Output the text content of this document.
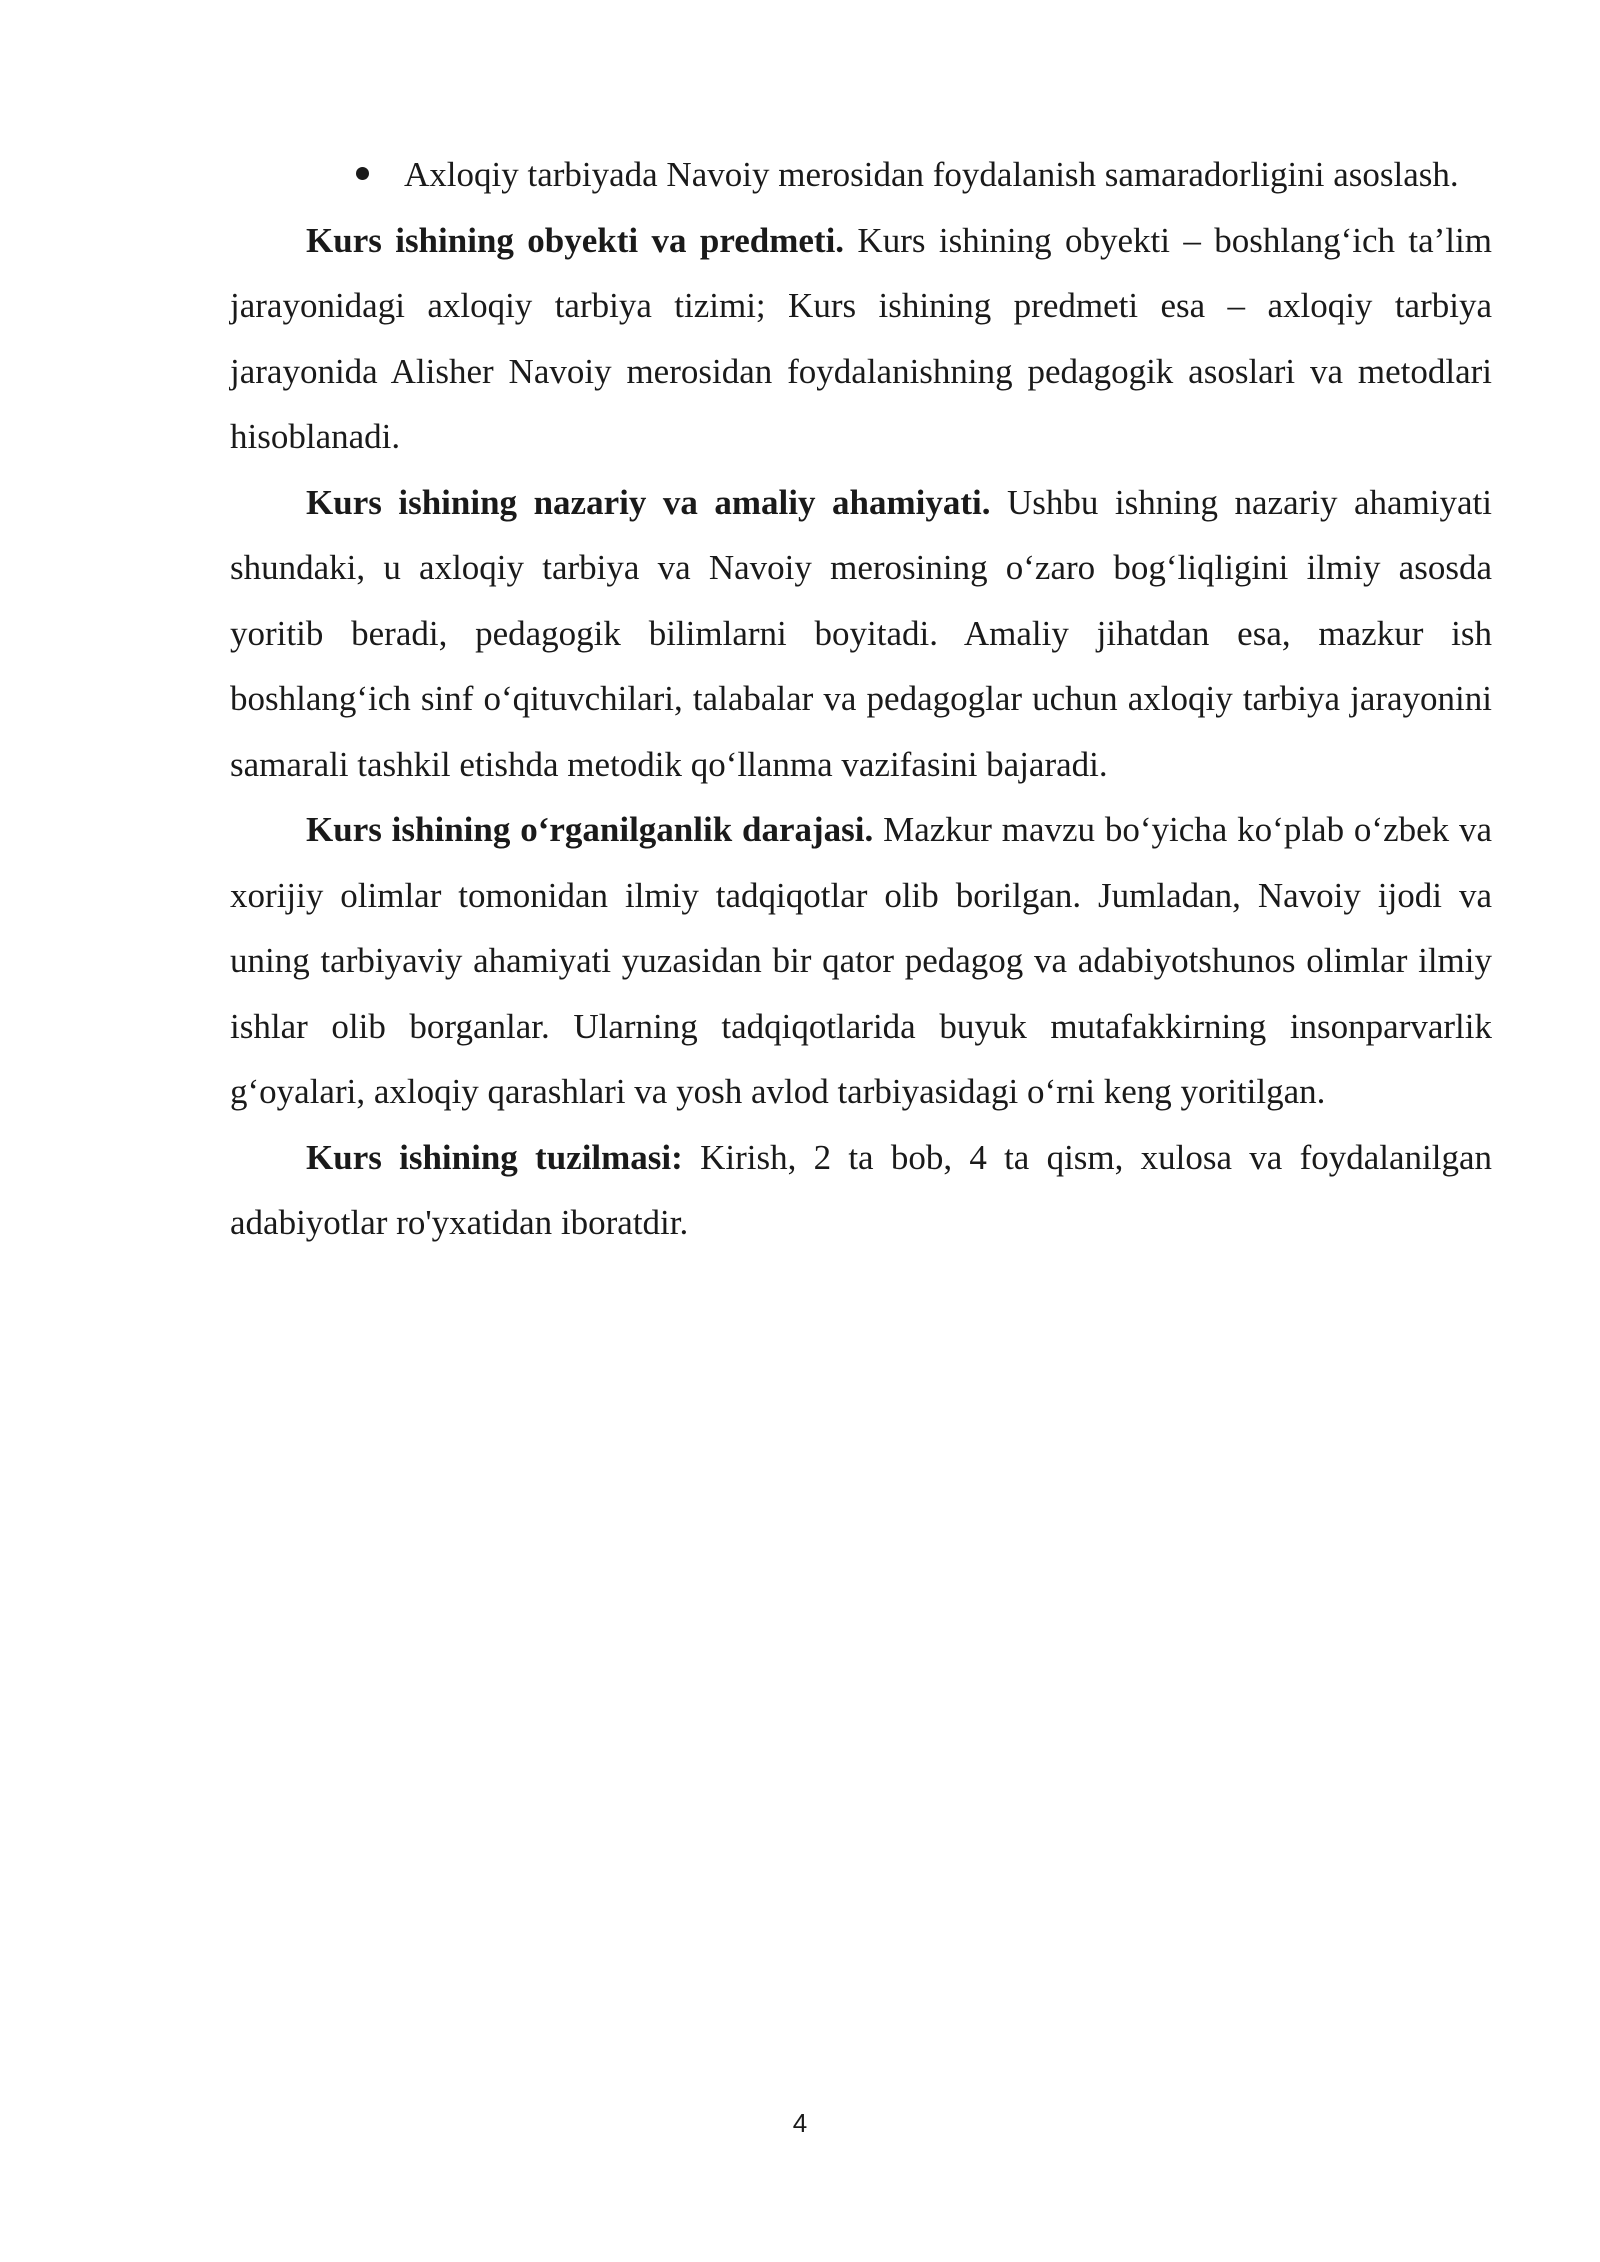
Axloqiy tarbiyada Navoiy merosidan foydalanish samaradorligini asoslash.

Kurs ishining obyekti va predmeti. Kurs ishining obyekti – boshlang‘ich ta’lim jarayonidagi axloqiy tarbiya tizimi; Kurs ishining predmeti esa – axloqiy tarbiya jarayonida Alisher Navoiy merosidan foydalanishning pedagogik asoslari va metodlari hisoblanadi.

Kurs ishining nazariy va amaliy ahamiyati. Ushbu ishning nazariy ahamiyati shundaki, u axloqiy tarbiya va Navoiy merosining o‘zaro bog‘liqligini ilmiy asosda yoritib beradi, pedagogik bilimlarni boyitadi. Amaliy jihatdan esa, mazkur ish boshlang‘ich sinf o‘qituvchilari, talabalar va pedagoglar uchun axloqiy tarbiya jarayonini samarali tashkil etishda metodik qo‘llanma vazifasini bajaradi.

Kurs ishining o‘rganilganlik darajasi. Mazkur mavzu bo‘yicha ko‘plab o‘zbek va xorijiy olimlar tomonidan ilmiy tadqiqotlar olib borilgan. Jumladan, Navoiy ijodi va uning tarbiyaviy ahamiyati yuzasidan bir qator pedagog va adabiyotshunos olimlar ilmiy ishlar olib borganlar. Ularning tadqiqotlarida buyuk mutafakkirning insonparvarlik g‘oyalari, axloqiy qarashlari va yosh avlod tarbiyasidagi o‘rni keng yoritilgan.

Kurs ishining tuzilmasi: Kirish, 2 ta bob, 4 ta qism, xulosa va foydalanilgan adabiyotlar ro'yxatidan iboratdir.

4
